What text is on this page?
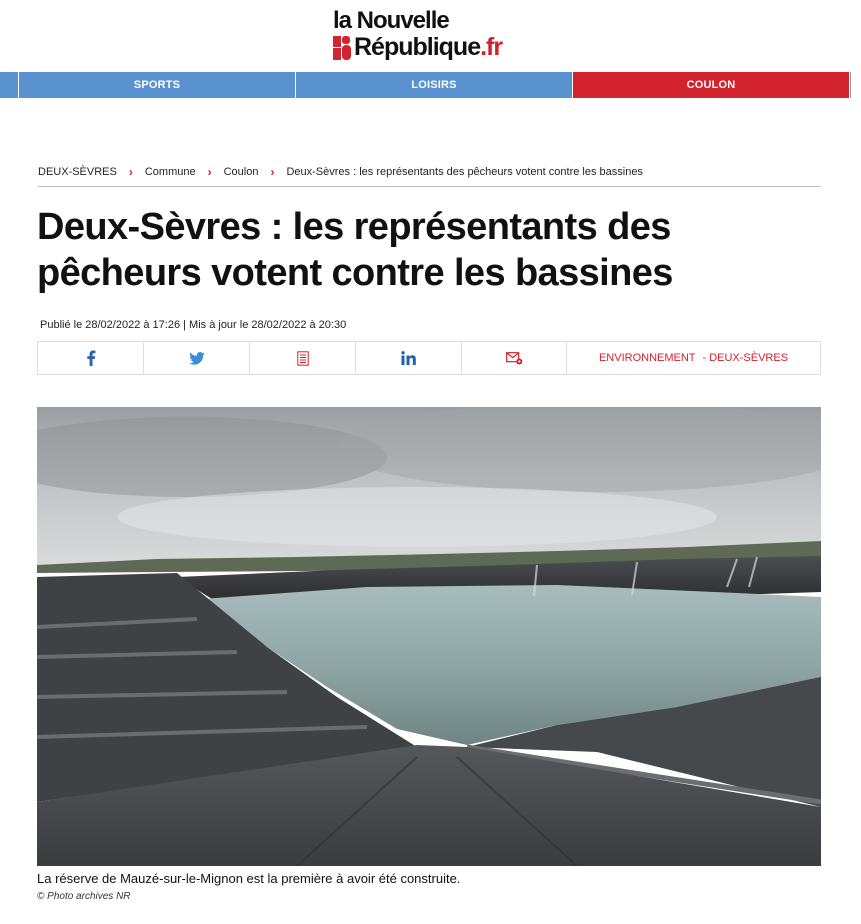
la Nouvelle
République.fr
SPORTS	LOISIRS	COULON
DEUX-SÈVRES › Commune › Coulon › Deux-Sèvres : les représentants des pêcheurs votent contre les bassines
Deux-Sèvres : les représentants des pêcheurs votent contre les bassines
Publié le 28/02/2022 à 17:26 | Mis à jour le 28/02/2022 à 20:30
ENVIRONNEMENT - DEUX-SÈVRES
La réserve de Mauzé-sur-le-Mignon est la première à avoir été construite.
© Photo archives NR
